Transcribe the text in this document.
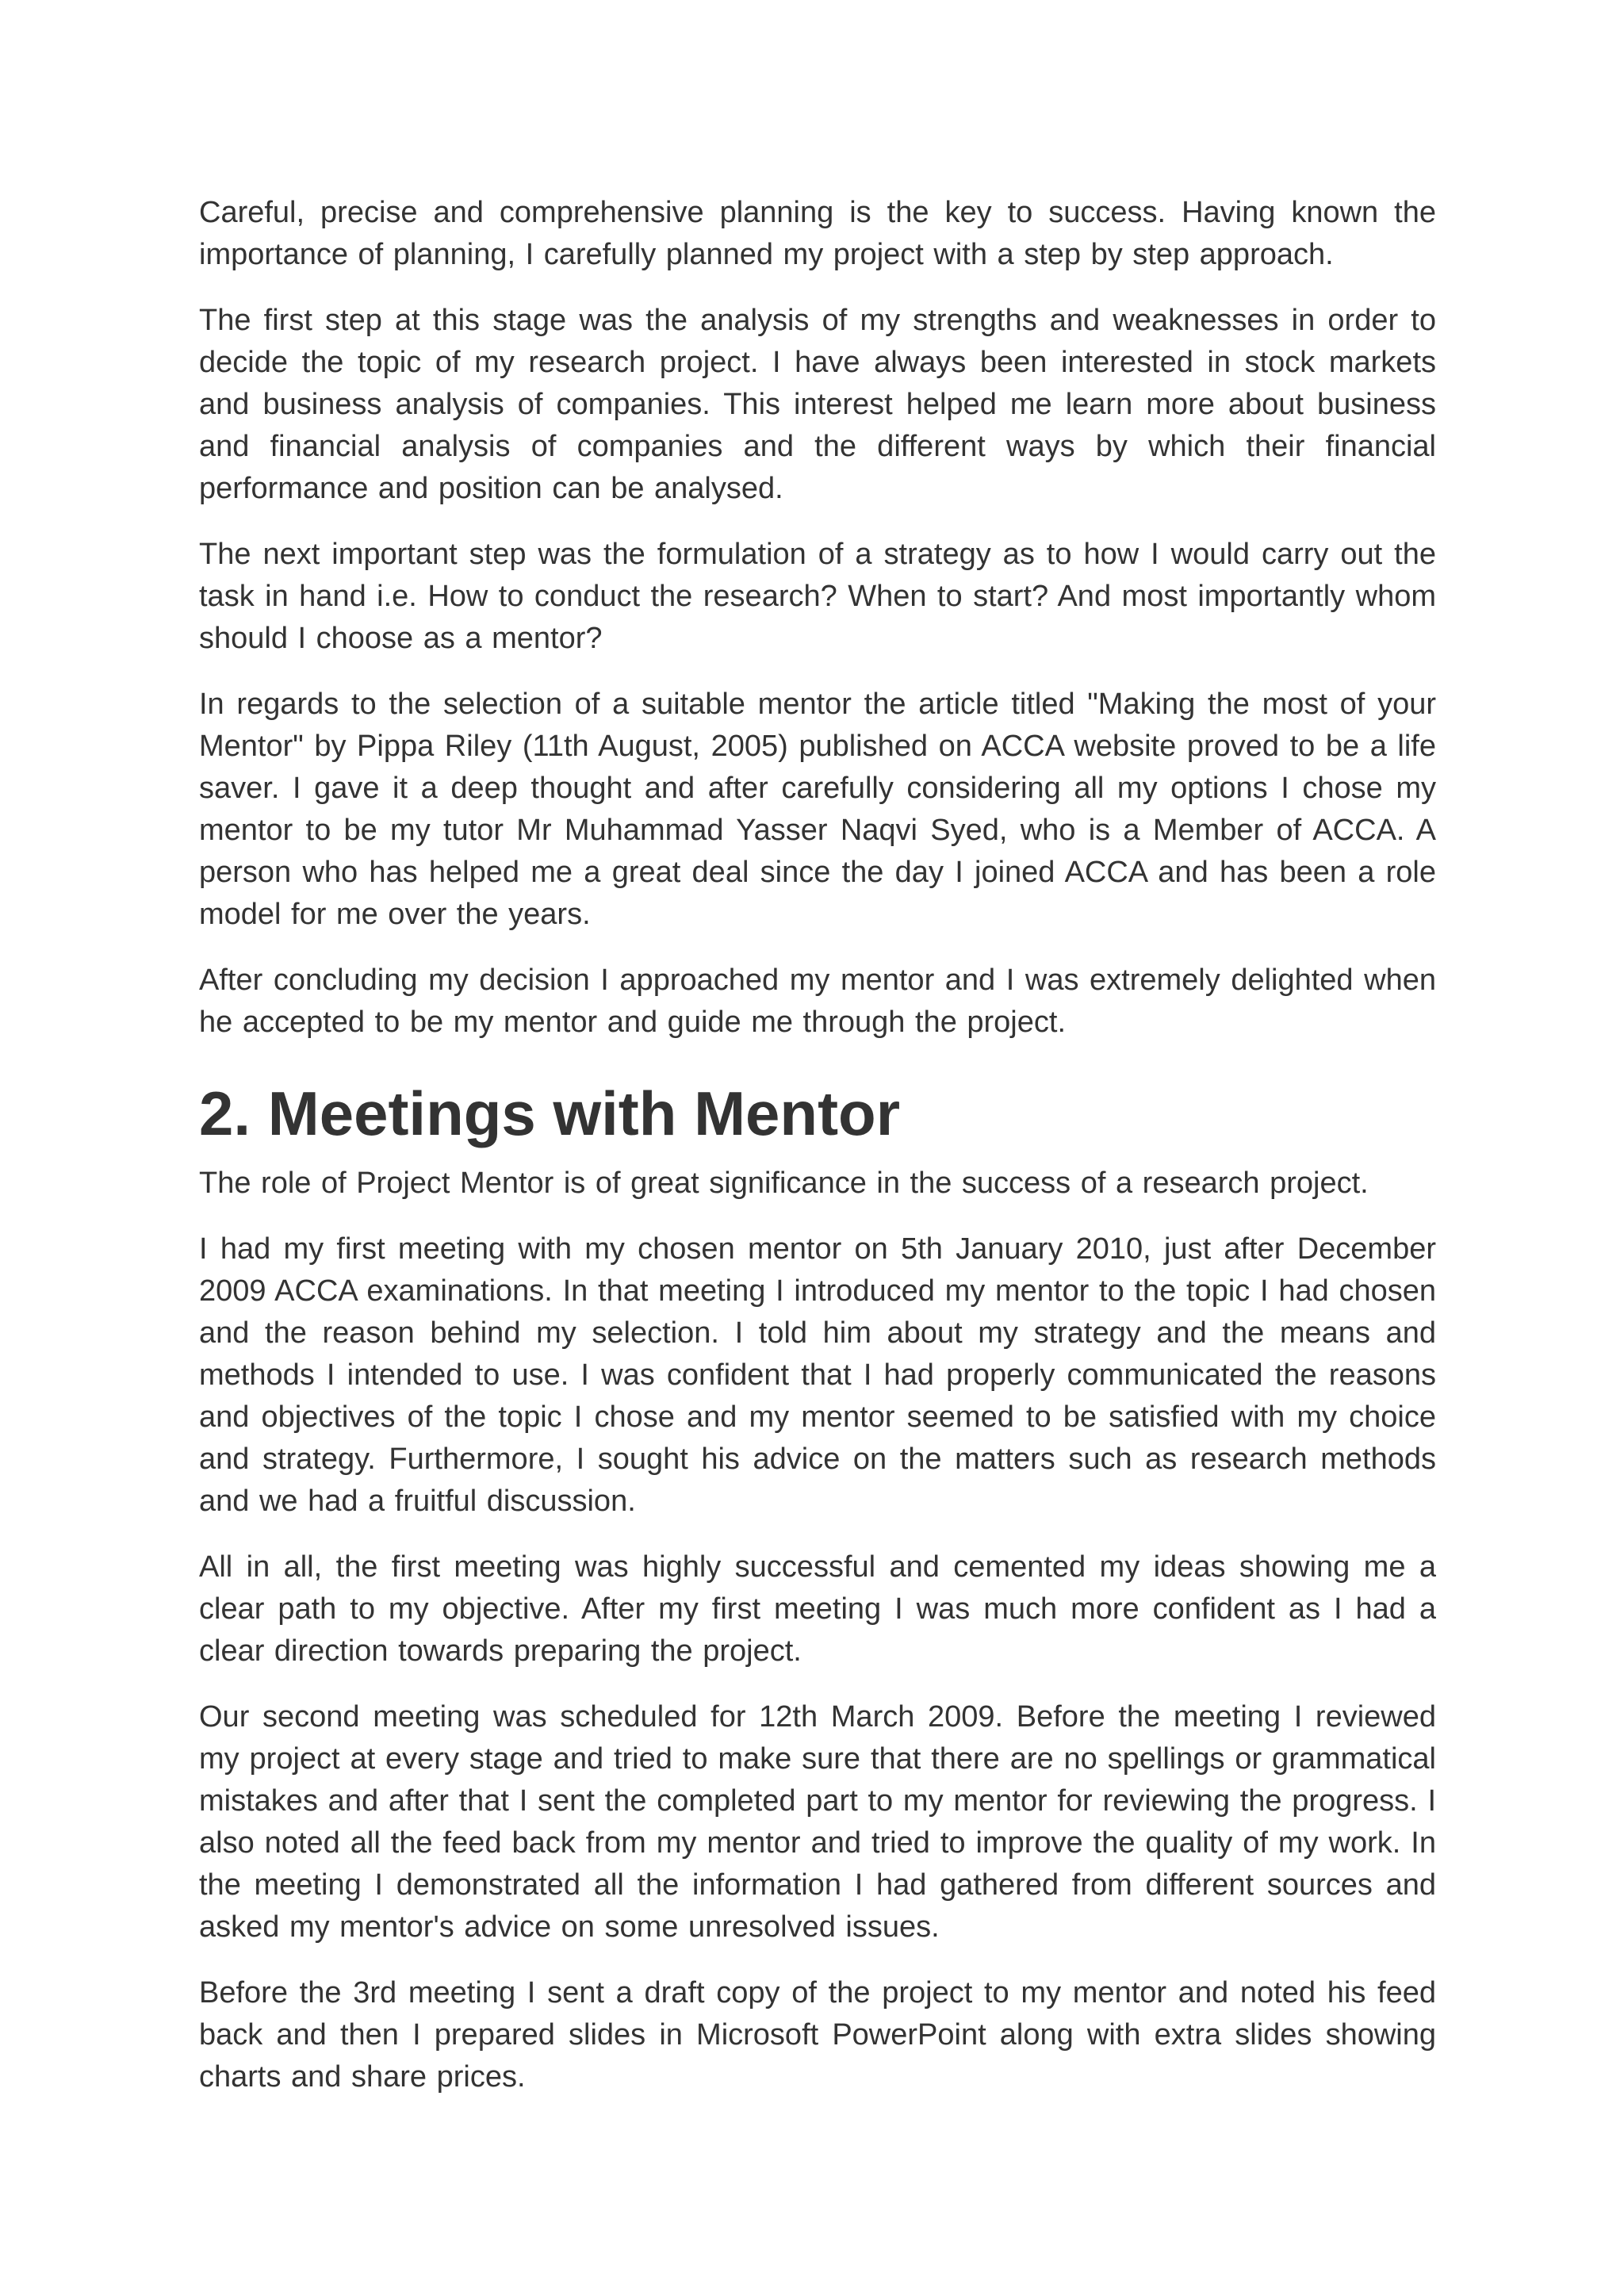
Careful, precise and comprehensive planning is the key to success. Having known the importance of planning, I carefully planned my project with a step by step approach.

The first step at this stage was the analysis of my strengths and weaknesses in order to decide the topic of my research project. I have always been interested in stock markets and business analysis of companies. This interest helped me learn more about business and financial analysis of companies and the different ways by which their financial performance and position can be analysed.

The next important step was the formulation of a strategy as to how I would carry out the task in hand i.e. How to conduct the research? When to start? And most importantly whom should I choose as a mentor?

In regards to the selection of a suitable mentor the article titled "Making the most of your Mentor" by Pippa Riley (11th August, 2005) published on ACCA website proved to be a life saver. I gave it a deep thought and after carefully considering all my options I chose my mentor to be my tutor Mr Muhammad Yasser Naqvi Syed, who is a Member of ACCA. A person who has helped me a great deal since the day I joined ACCA and has been a role model for me over the years.

After concluding my decision I approached my mentor and I was extremely delighted when he accepted to be my mentor and guide me through the project.

2. Meetings with Mentor

The role of Project Mentor is of great significance in the success of a research project.

I had my first meeting with my chosen mentor on 5th January 2010, just after December 2009 ACCA examinations. In that meeting I introduced my mentor to the topic I had chosen and the reason behind my selection. I told him about my strategy and the means and methods I intended to use. I was confident that I had properly communicated the reasons and objectives of the topic I chose and my mentor seemed to be satisfied with my choice and strategy. Furthermore, I sought his advice on the matters such as research methods and we had a fruitful discussion.

All in all, the first meeting was highly successful and cemented my ideas showing me a clear path to my objective. After my first meeting I was much more confident as I had a clear direction towards preparing the project.

Our second meeting was scheduled for 12th March 2009. Before the meeting I reviewed my project at every stage and tried to make sure that there are no spellings or grammatical mistakes and after that I sent the completed part to my mentor for reviewing the progress. I also noted all the feed back from my mentor and tried to improve the quality of my work. In the meeting I demonstrated all the information I had gathered from different sources and asked my mentor's advice on some unresolved issues.

Before the 3rd meeting I sent a draft copy of the project to my mentor and noted his feed back and then I prepared slides in Microsoft PowerPoint along with extra slides showing charts and share prices.
